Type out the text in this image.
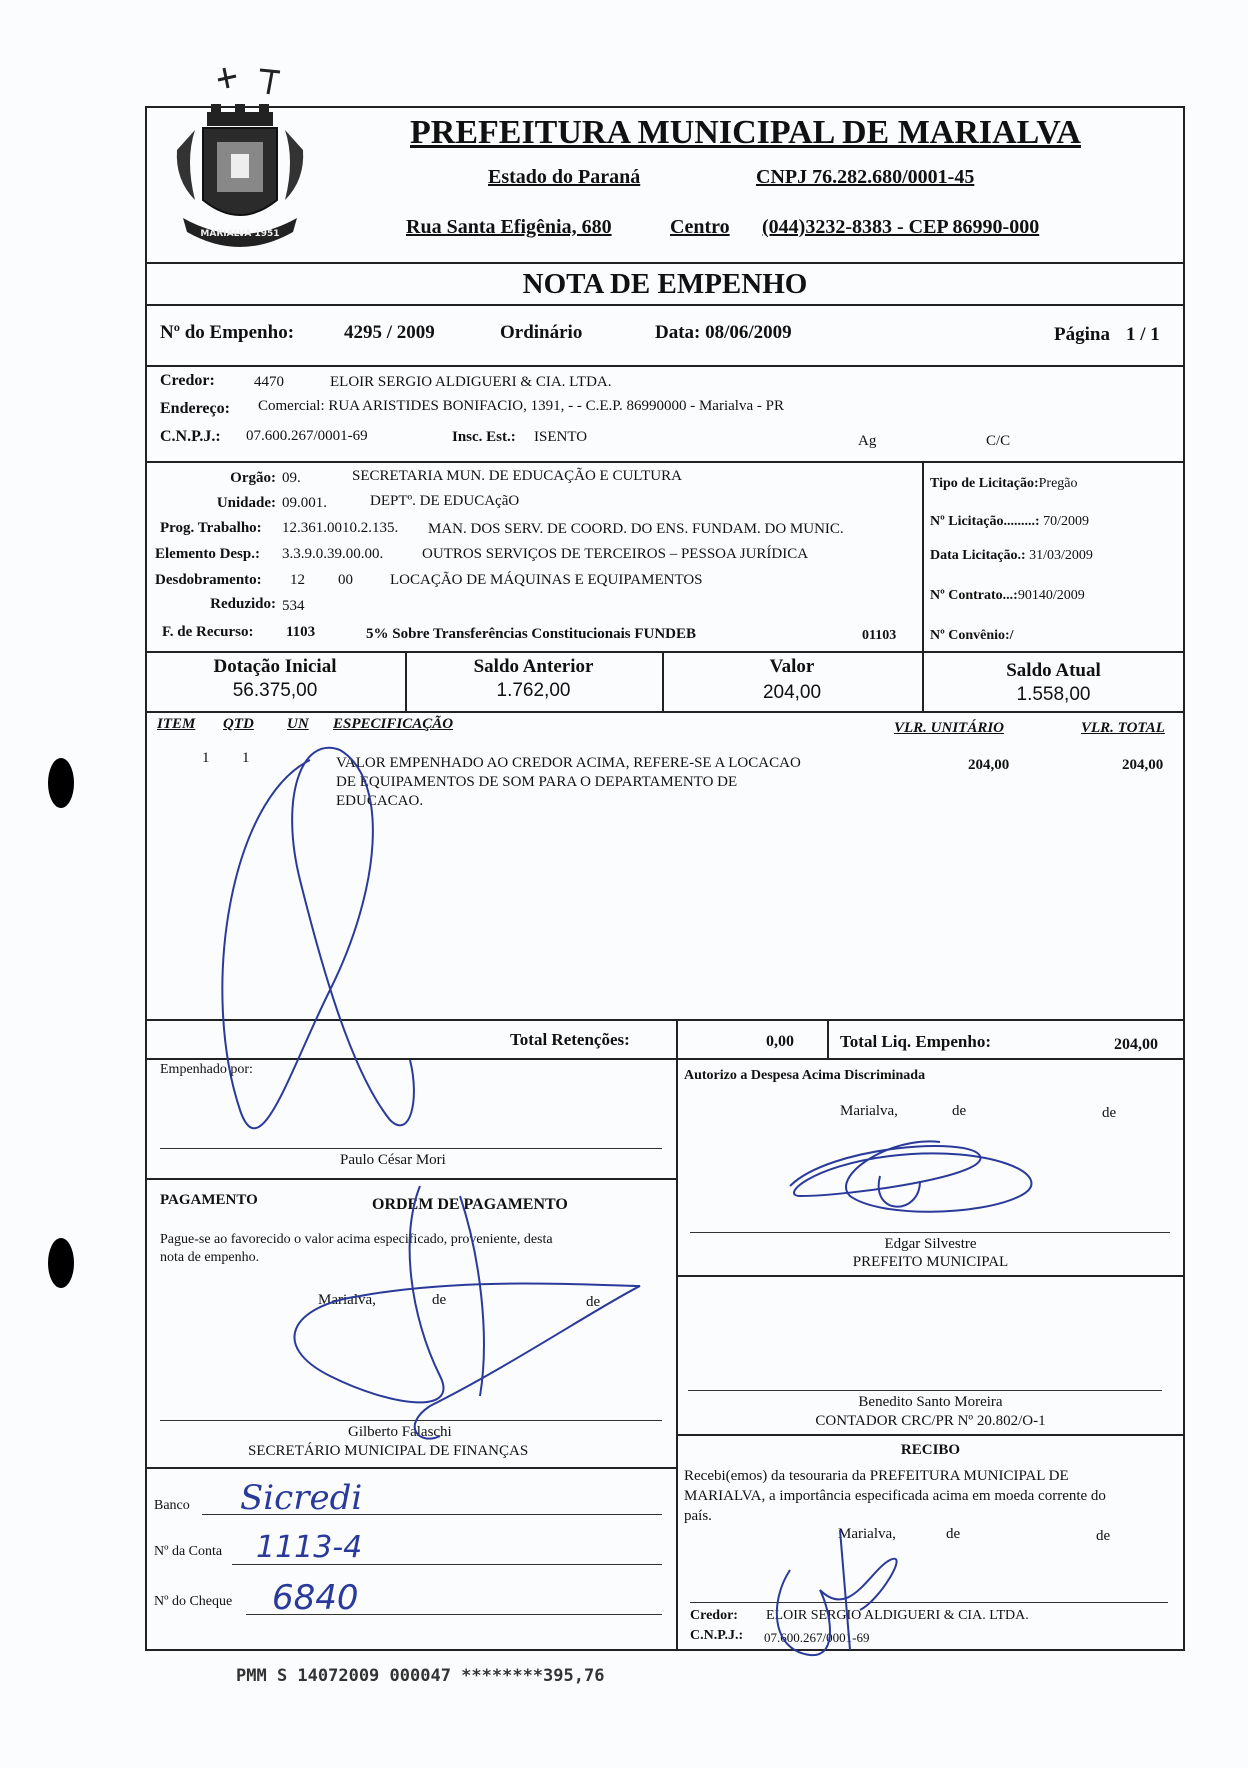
MARIALVA 1951
PREFEITURA MUNICIPAL DE MARIALVA
Estado do Paraná	CNPJ 76.282.680/0001-45
Rua Santa Efigênia, 680	Centro (044)3232-8383 - CEP 86990-000
NOTA DE EMPENHO
Nº do Empenho:	4295 / 2009	Ordinário	Data: 08/06/2009	Página 1 / 1
Credor:	4470	ELOIR SERGIO ALDIGUERI & CIA. LTDA.
Endereço: Comercial: RUA ARISTIDES BONIFACIO, 1391, - - C.E.P. 86990000 - Marialva - PR
C.N.P.J.: 07.600.267/0001-69	Insc. Est.: ISENTO	Ag	C/C
Orgão: 09.	SECRETARIA MUN. DE EDUCAÇÃO E CULTURA
Unidade: 09.001.	DEPTº. DE EDUCAçãO
Prog. Trabalho: 12.361.0010.2.135. MAN. DOS SERV. DE COORD. DO ENS. FUNDAM. DO MUNIC.
Elemento Desp.: 3.3.9.0.39.00.00.	OUTROS SERVIÇOS DE TERCEIROS – PESSOA JURÍDICA
Desdobramento: 12 00 LOCAÇÃO DE MÁQUINAS E EQUIPAMENTOS
Reduzido: 534
F. de Recurso: 1103	5% Sobre Transferências Constitucionais FUNDEB	01103
Tipo de Licitação:Pregão
Nº Licitação.........: 70/2009
Data Licitação.: 31/03/2009
Nº Contrato...:90140/2009
Nº Convênio:/
Dotação Inicial
56.375,00
Saldo Anterior
1.762,00
Valor
204,00
Saldo Atual
1.558,00
ITEM QTD UN ESPECIFICAÇÃO	VLR. UNITÁRIO	VLR. TOTAL
1 1	VALOR EMPENHADO AO CREDOR ACIMA, REFERE-SE A LOCACAO
DE EQUIPAMENTOS DE SOM PARA O DEPARTAMENTO DE
EDUCACAO.
204,00	204,00
Total Retenções:	0,00	Total Liq. Empenho:	204,00
Empenhado por:
Paulo César Mori
Autorizo a Despesa Acima Discriminada
Marialva,	de	de
Edgar Silvestre
PREFEITO MUNICIPAL
PAGAMENTO	ORDEM DE PAGAMENTO
Pague-se ao favorecido o valor acima especificado, proveniente, desta
nota de empenho.
Marialva,	de	de
Gilberto Falaschi
SECRETÁRIO MUNICIPAL DE FINANÇAS
Banco Sicredi
Nº da Conta 1113-4
Nº do Cheque 6840
Benedito Santo Moreira
CONTADOR CRC/PR Nº 20.802/O-1
RECIBO
Recebi(emos) da tesouraria da PREFEITURA MUNICIPAL DE
MARIALVA, a importância especificada acima em moeda corrente do
país.
Marialva,	de	de
Credor: ELOIR SERGIO ALDIGUERI & CIA. LTDA.
C.N.P.J.: 07.600.267/0001-69
PMM S 14072009 000047 ********395,76
